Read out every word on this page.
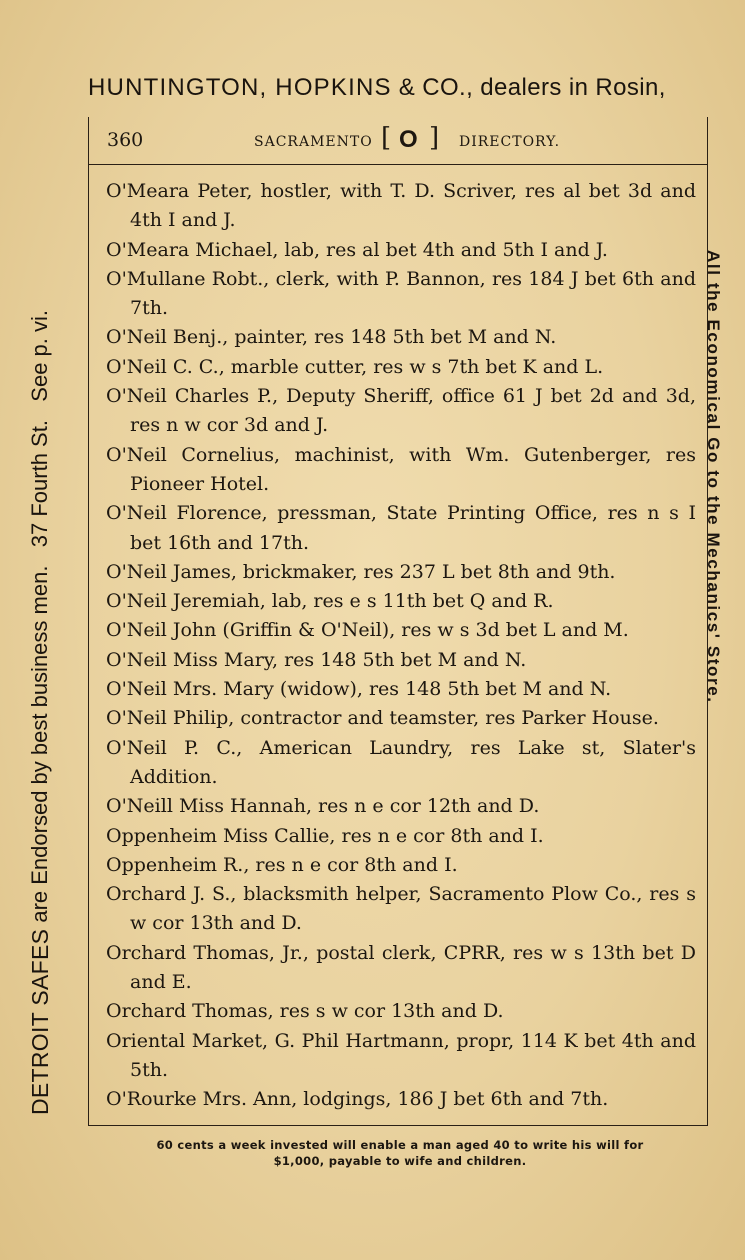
HUNTINGTON, HOPKINS & CO., dealers in Rosin,
DETROIT SAFES
are Endorsed by best business men.   37 Fourth St.   See p. vi.	All the Economical Go to the Mechanics' Store.
360	SACRAMENTO [ O ] DIRECTORY.
O'Meara Peter, hostler, with T. D. Scriver, res al bet 3d and 4th I and J.
O'Meara Michael, lab, res al bet 4th and 5th I and J.
O'Mullane Robt., clerk, with P. Bannon, res 184 J bet 6th and 7th.
O'Neil Benj., painter, res 148 5th bet M and N.
O'Neil C. C., marble cutter, res w s 7th bet K and L.
O'Neil Charles P., Deputy Sheriff, office 61 J bet 2d and 3d, res n w cor 3d and J.
O'Neil Cornelius, machinist, with Wm. Gutenberger, res Pioneer Hotel.
O'Neil Florence, pressman, State Printing Office, res n s I bet 16th and 17th.
O'Neil James, brickmaker, res 237 L bet 8th and 9th.
O'Neil Jeremiah, lab, res e s 11th bet Q and R.
O'Neil John (Griffin & O'Neil), res w s 3d bet L and M.
O'Neil Miss Mary, res 148 5th bet M and N.
O'Neil Mrs. Mary (widow), res 148 5th bet M and N.
O'Neil Philip, contractor and teamster, res Parker House.
O'Neil P. C., American Laundry, res Lake st, Slater's Addition.
O'Neill Miss Hannah, res n e cor 12th and D.
Oppenheim Miss Callie, res n e cor 8th and I.
Oppenheim R., res n e cor 8th and I.
Orchard J. S., blacksmith helper, Sacramento Plow Co., res s w cor 13th and D.
Orchard Thomas, Jr., postal clerk, CPRR, res w s 13th bet D and E.
Orchard Thomas, res s w cor 13th and D.
Oriental Market, G. Phil Hartmann, propr, 114 K bet 4th and 5th.
O'Rourke Mrs. Ann, lodgings, 186 J bet 6th and 7th.
60 cents a week invested will enable a man aged 40 to write his will for
$1,000, payable to wife and children.
